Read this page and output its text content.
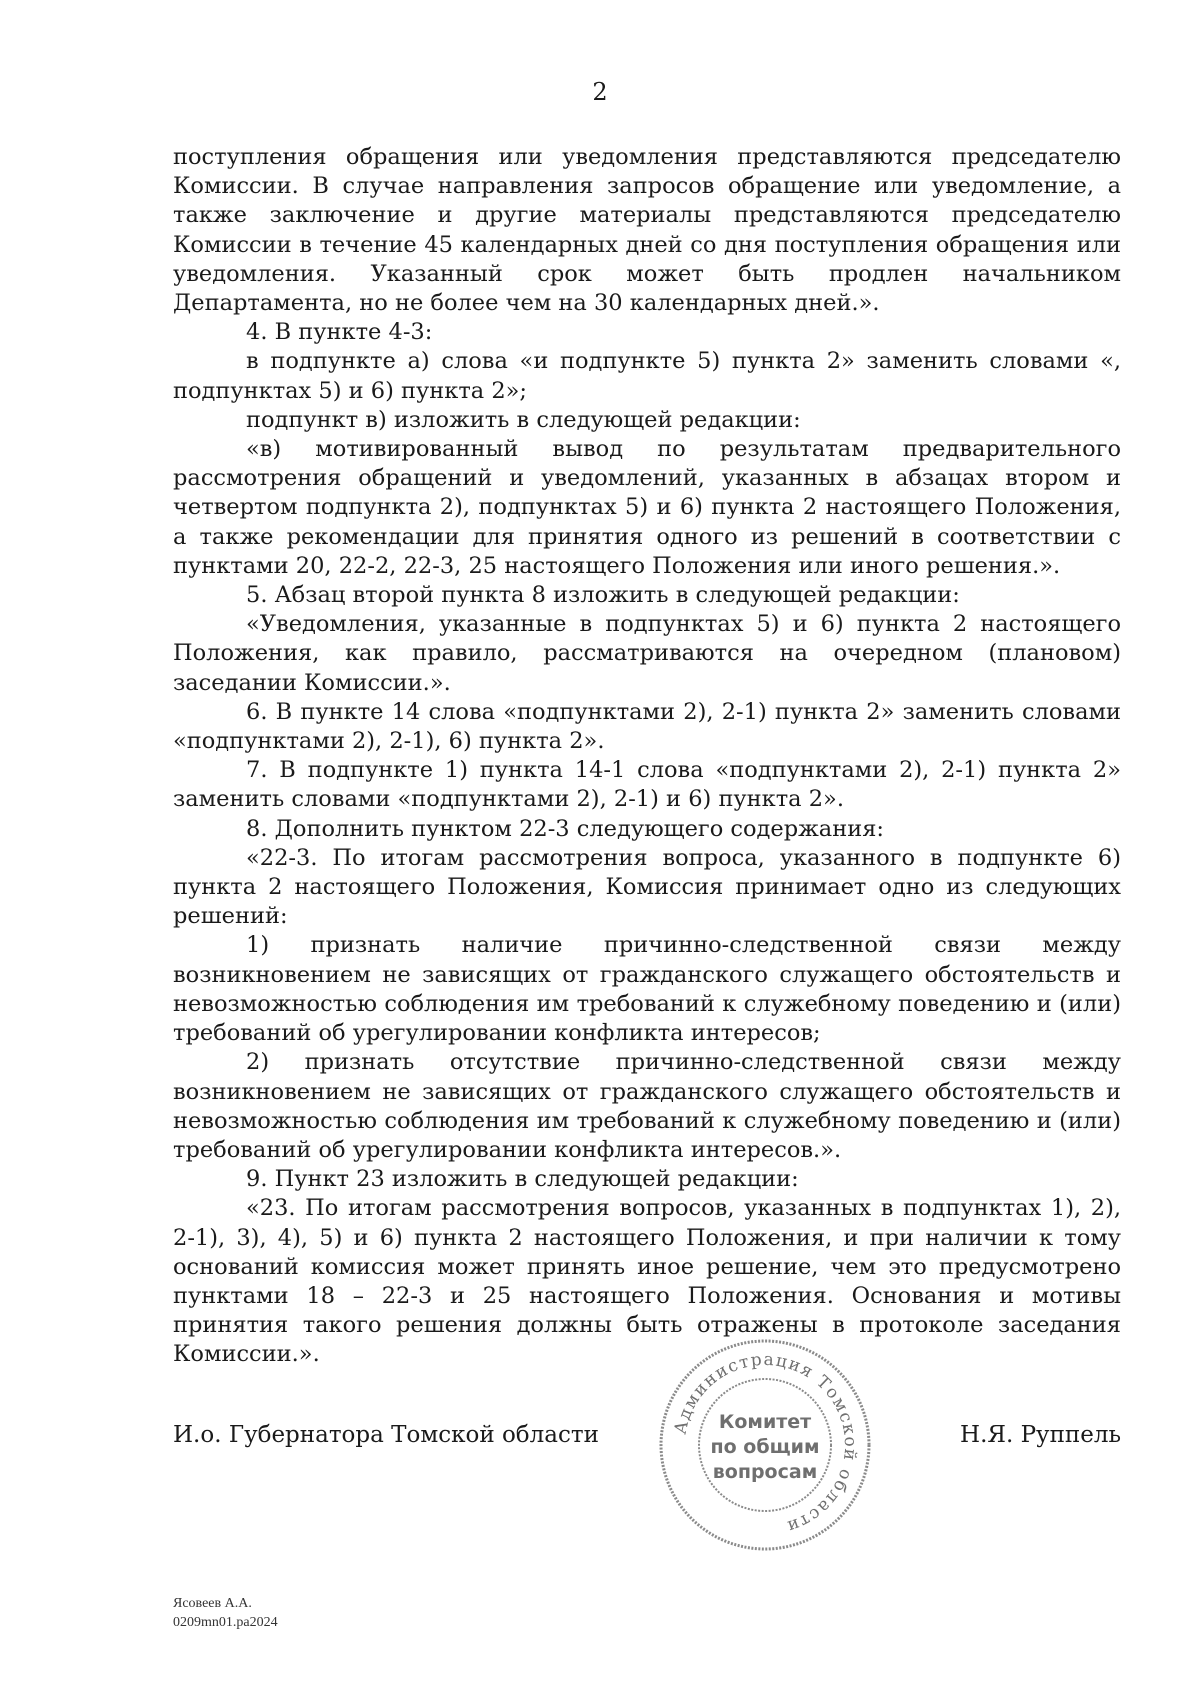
2

поступления обращения или уведомления представляются председателю Комиссии. В случае направления запросов обращение или уведомление, а также заключение и другие материалы представляются председателю Комиссии в течение 45 календарных дней со дня поступления обращения или уведомления. Указанный срок может быть продлен начальником Департамента, но не более чем на 30 календарных дней.».

4. В пункте 4-3:

в подпункте а) слова «и подпункте 5) пункта 2» заменить словами «, подпунктах 5) и 6) пункта 2»;

подпункт в) изложить в следующей редакции:

«в) мотивированный вывод по результатам предварительного рассмотрения обращений и уведомлений, указанных в абзацах втором и четвертом подпункта 2), подпунктах 5) и 6) пункта 2 настоящего Положения, а также рекомендации для принятия одного из решений в соответствии с пунктами 20, 22-2, 22-3, 25 настоящего Положения или иного решения.».

5. Абзац второй пункта 8 изложить в следующей редакции:

«Уведомления, указанные в подпунктах 5) и 6) пункта 2 настоящего Положения, как правило, рассматриваются на очередном (плановом) заседании Комиссии.».

6. В пункте 14 слова «подпунктами 2), 2-1) пункта 2» заменить словами «подпунктами 2), 2-1), 6) пункта 2».

7. В подпункте 1) пункта 14-1 слова «подпунктами 2), 2-1) пункта 2» заменить словами «подпунктами 2), 2-1) и 6) пункта 2».

8. Дополнить пунктом 22-3 следующего содержания:

«22-3. По итогам рассмотрения вопроса, указанного в подпункте 6) пункта 2 настоящего Положения, Комиссия принимает одно из следующих решений:

1) признать наличие причинно-следственной связи между возникновением не зависящих от гражданского служащего обстоятельств и невозможностью соблюдения им требований к служебному поведению и (или) требований об урегулировании конфликта интересов;

2) признать отсутствие причинно-следственной связи между возникновением не зависящих от гражданского служащего обстоятельств и невозможностью соблюдения им требований к служебному поведению и (или) требований об урегулировании конфликта интересов.».

9. Пункт 23 изложить в следующей редакции:

«23. По итогам рассмотрения вопросов, указанных в подпунктах 1), 2), 2-1), 3), 4), 5) и 6) пункта 2 настоящего Положения, и при наличии к тому оснований комиссия может принять иное решение, чем это предусмотрено пунктами 18 – 22-3 и 25 настоящего Положения. Основания и мотивы принятия такого решения должны быть отражены в протоколе заседания Комиссии.».

И.о. Губернатора Томской области	Н.Я. Руппель
Администрация Томской области
Комитет
по общим
вопросам
Ясовеев А.А.
0209mn01.pa2024
